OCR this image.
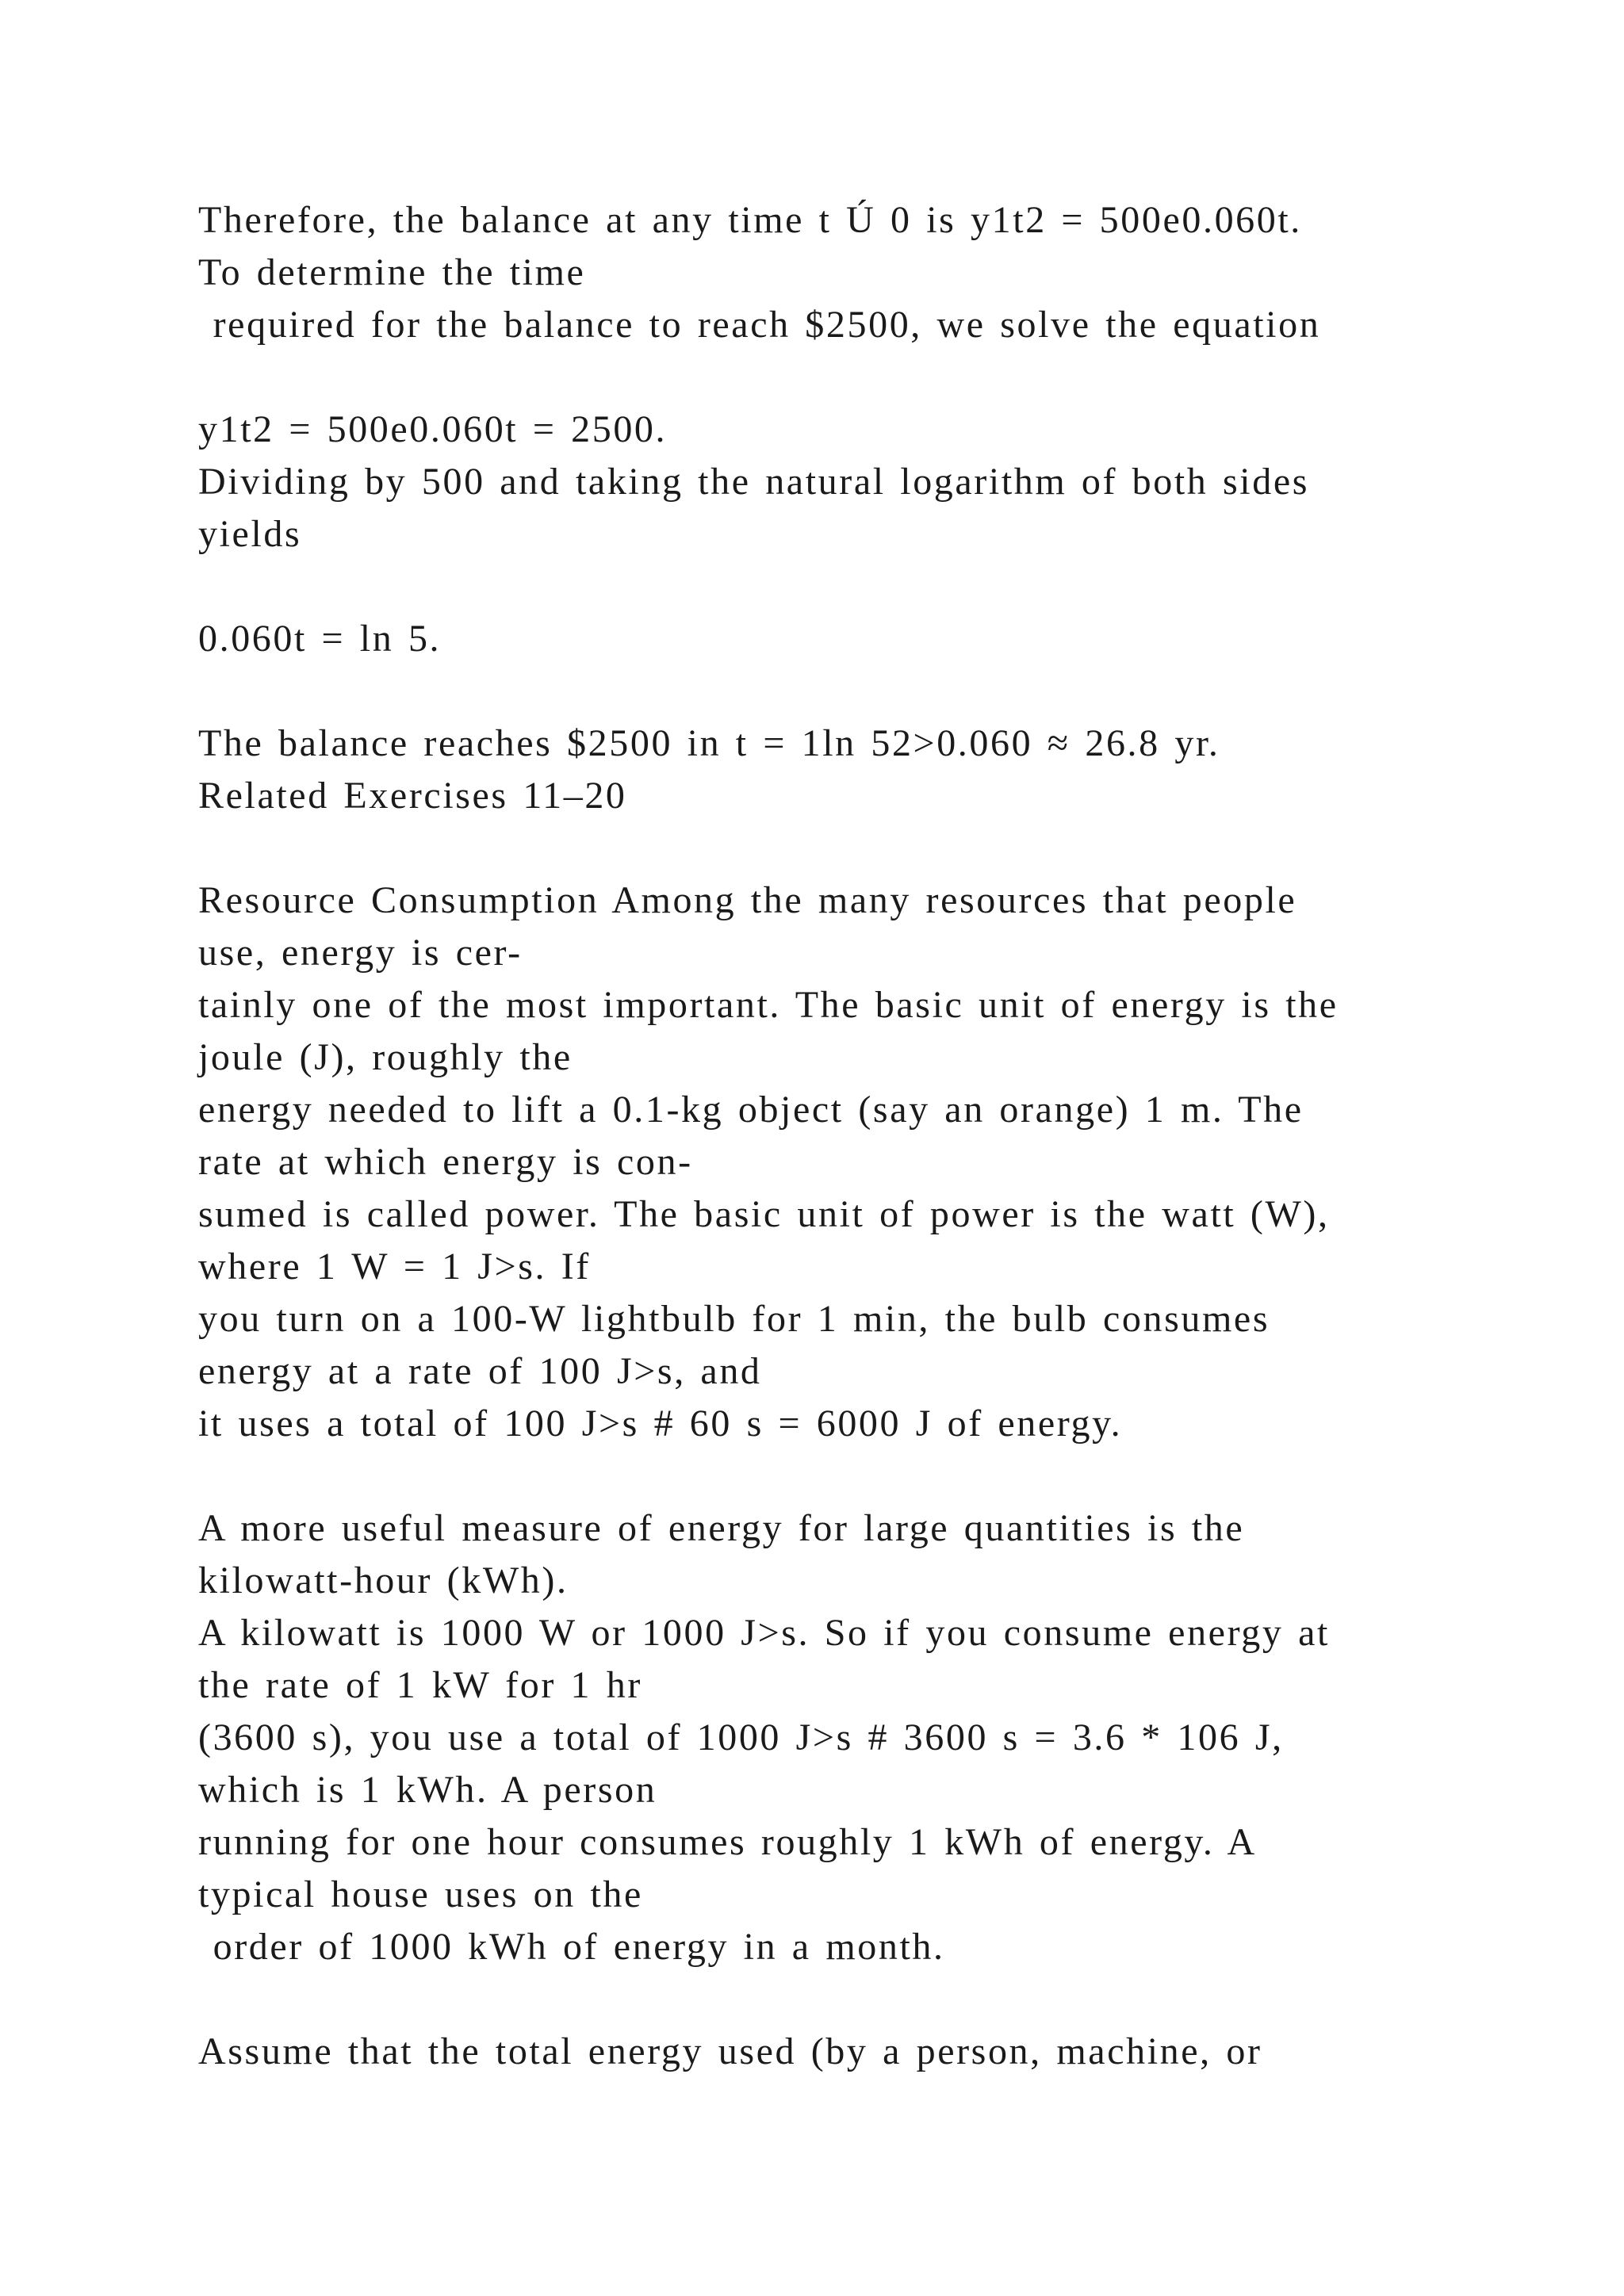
Therefore, the balance at any time t Ú 0 is y1t2 = 500e0.060t.
To determine the time
required for the balance to reach $2500, we solve the equation
y1t2 = 500e0.060t = 2500.
Dividing by 500 and taking the natural logarithm of both sides
yields
0.060t = ln 5.
The balance reaches $2500 in t = 1ln 52>0.060 ≈ 26.8 yr.
Related Exercises 11–20
Resource Consumption Among the many resources that people
use, energy is cer-
tainly one of the most important. The basic unit of energy is the
joule (J), roughly the
energy needed to lift a 0.1-kg object (say an orange) 1 m. The
rate at which energy is con-
sumed is called power. The basic unit of power is the watt (W),
where 1 W = 1 J>s. If
you turn on a 100-W lightbulb for 1 min, the bulb consumes
energy at a rate of 100 J>s, and
it uses a total of 100 J>s # 60 s = 6000 J of energy.
A more useful measure of energy for large quantities is the
kilowatt-hour (kWh).
A kilowatt is 1000 W or 1000 J>s. So if you consume energy at
the rate of 1 kW for 1 hr
(3600 s), you use a total of 1000 J>s # 3600 s = 3.6 * 106 J,
which is 1 kWh. A person
running for one hour consumes roughly 1 kWh of energy. A
typical house uses on the
order of 1000 kWh of energy in a month.
Assume that the total energy used (by a person, machine, or
